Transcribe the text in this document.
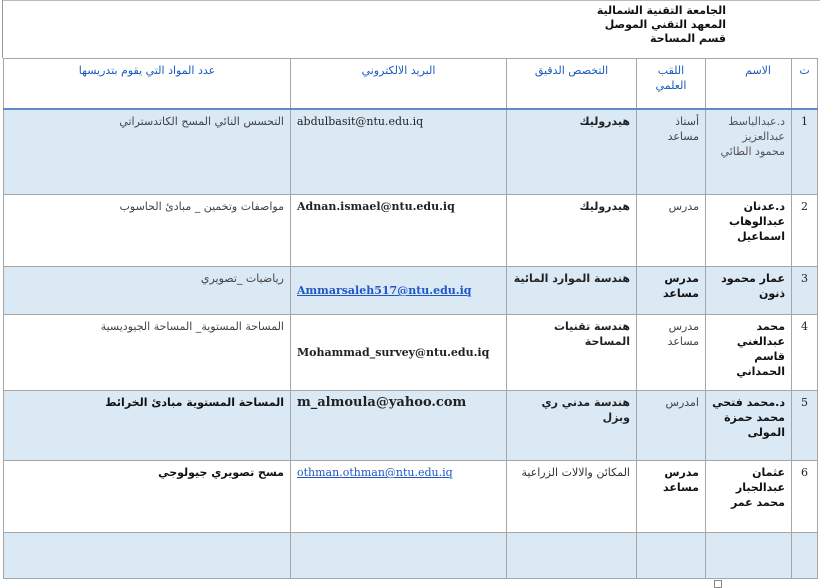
الجامعة التقنية الشمالية
المعهد التقني الموصل
قسم المساحة
ت	الاسم	اللقب العلمي	التخصص الدقيق	البريد الالكتروني	عدد المواد التي يقوم بتدريسها
1	د.عبدالباسط عبدالعزيز محمود الطائي	أستاذ مساعد	هيدروليك	abdulbasit@ntu.edu.iq	التحسس النائي المسح الكاتدستراتي
2	د.عدنان عبدالوهاب اسماعيل	مدرس	هيدروليك	Adnan.ismael@ntu.edu.iq	مواصفات وتخمين _ مبادئ الحاسوب
3	عمار محمود ذنون	مدرس مساعد	هندسة الموارد المائية	Ammarsaleh517@ntu.edu.iq	رياضيات _تصويري
4	محمد عبدالغني قاسم الحمداني	مدرس مساعد	هندسة تقنيات المساحة	Mohammad_survey@ntu.edu.iq	المساحة المستوية_ المساحة الجيوديسية
5	د.محمد فتحي محمد حمزة المولى	امدرس	هندسة مدني ري وبزل	m_almoula@yahoo.com	المساحة المستوية مبادئ الخرائط
6	عثمان عبدالجبار محمد عمر	مدرس مساعد	المكائن والالات الزراعية	othman.othman@ntu.edu.iq	مسح تصويري جيولوجي
